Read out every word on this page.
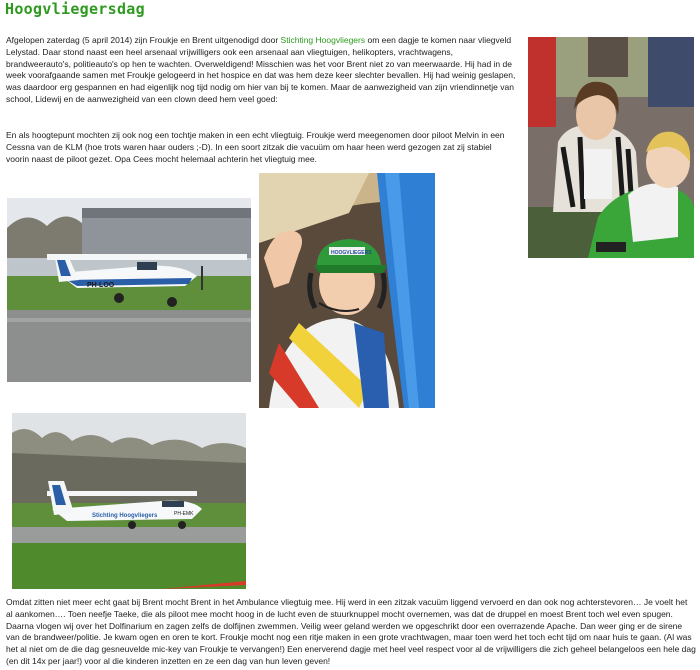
Hoogvliegersdag

Afgelopen zaterdag (5 april 2014) zijn Froukje en Brent uitgenodigd door Stichting Hoogvliegers om een dagje te komen naar vliegveld Lelystad. Daar stond naast een heel arsenaal vrijwilligers ook een arsenaal aan vliegtuigen, helikopters, vrachtwagens, brandweerauto's, politieauto's op hen te wachten. Overweldigend! Misschien was het voor Brent niet zo van meerwaarde. Hij had in de week voorafgaande samen met Froukje gelogeerd in het hospice en dat was hem deze keer slechter bevallen. Hij had weinig geslapen, was daardoor erg gespannen en had eigenlijk nog tijd nodig om hier van bij te komen. Maar de aanwezigheid van zijn vriendinnetje van school, Lidewij en de aanwezigheid van een clown deed hem veel goed:

En als hoogtepunt mochten zij ook nog een tochtje maken in een echt vliegtuig. Froukje werd meegenomen door piloot Melvin in een Cessna van de KLM (hoe trots waren haar ouders ;-D). In een soort zitzak die vacuüm om haar heen werd gezogen zat zij stabiel voorin naast de piloot gezet. Opa Cees mocht helemaal achterin het vliegtuig mee.

PH-LOO
HOOGVLIEGERS
Stichting Hoogvliegers	PH-EMK

Omdat zitten niet meer echt gaat bij Brent mocht Brent in het Ambulance vliegtuig mee. Hij werd in een zitzak vacuüm liggend vervoerd en dan ook nog achterstevoren… Je voelt het al aankomen…. Toen neefje Taeke, die als piloot mee mocht hoog in de lucht even de stuurknuppel mocht overnemen, was dat de druppel en moest Brent toch wel even spugen. Daarna vlogen wij over het Dolfinarium en zagen zelfs de dolfijnen zwemmen. Veilig weer geland werden we opgeschrikt door een overrazende Apache. Dan weer ging er de sirene van de brandweer/politie. Je kwam ogen en oren te kort. Froukje mocht nog een ritje maken in een grote vrachtwagen, maar toen werd het toch echt tijd om naar huis te gaan. (Al was het al niet om de die dag gesneuvelde mic-key van Froukje te vervangen!) Een enerverend dagje met heel veel respect voor al de vrijwilligers die zich geheel belangeloos een hele dag (en dit 14x per jaar!) voor al die kinderen inzetten en ze een dag van hun leven geven!
